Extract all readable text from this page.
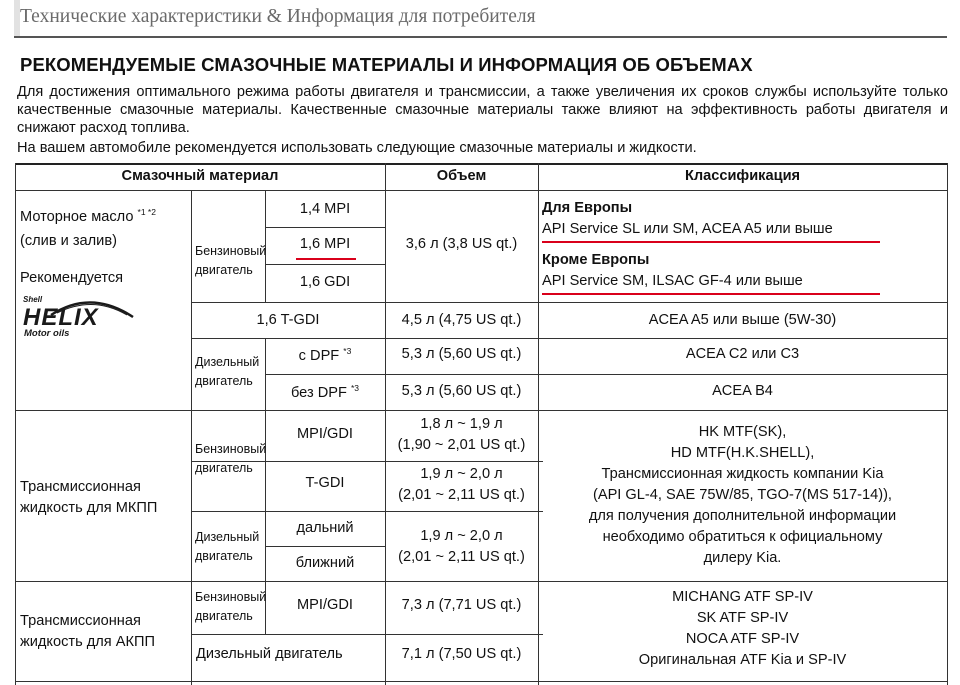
Технические характеристики & Информация для потребителя
РЕКОМЕНДУЕМЫЕ СМАЗОЧНЫЕ МАТЕРИАЛЫ И ИНФОРМАЦИЯ ОБ ОБЪЕМАХ

Для достижения оптимального режима работы двигателя и трансмиссии, а также увеличения их сроков службы используйте только качественные смазочные материалы. Качественные смазочные материалы также влияют на эффективность работы двигателя и снижают расход топлива.

На вашем автомобиле рекомендуется использовать следующие смазочные материалы и жидкости.

Смазочный материал	Объем	Классификация
Моторное масло $^{*1 *2}$
(слив и залив)
Рекомендуется
Shell
HELIX
Motor oils
Бензиновый
двигатель
Дизельный
двигатель
1,4 MPI
1,6 MPI
1,6 GDI
1,6 T-GDI
с DPF $^{*3}$
без DPF $^{*3}$
3,6 л (3,8 US qt.)
4,5 л (4,75 US qt.)
5,3 л (5,60 US qt.)
5,3 л (5,60 US qt.)
Для Европы
API Service SL или SM, ACEA A5 или выше
Кроме Европы
API Service SM, ILSAC GF-4 или выше
ACEA A5 или выше (5W-30)
ACEA C2 или C3
ACEA B4
Трансмиссионная
жидкость для МКПП
Бензиновый
двигатель
Дизельный
двигатель
MPI/GDI
T-GDI
дальний
ближний
1,8 л ~ 1,9 л
(1,90 ~ 2,01 US qt.)
1,9 л ~ 2,0 л
(2,01 ~ 2,11 US qt.)
1,9 л ~ 2,0 л
(2,01 ~ 2,11 US qt.)
HK MTF(SK),
HD MTF(H.K.SHELL),
Трансмиссионная жидкость компании Kia
(API GL-4, SAE 75W/85, TGO-7(MS 517-14)),
для получения дополнительной информации
необходимо обратиться к официальному
дилеру Kia.
Трансмиссионная
жидкость для АКПП
Бензиновый
двигатель
MPI/GDI
Дизельный двигатель
7,3 л (7,71 US qt.)
7,1 л (7,50 US qt.)
MICHANG ATF SP-IV
SK ATF SP-IV
NOCA ATF SP-IV
Оригинальная ATF Kia и SP-IV
